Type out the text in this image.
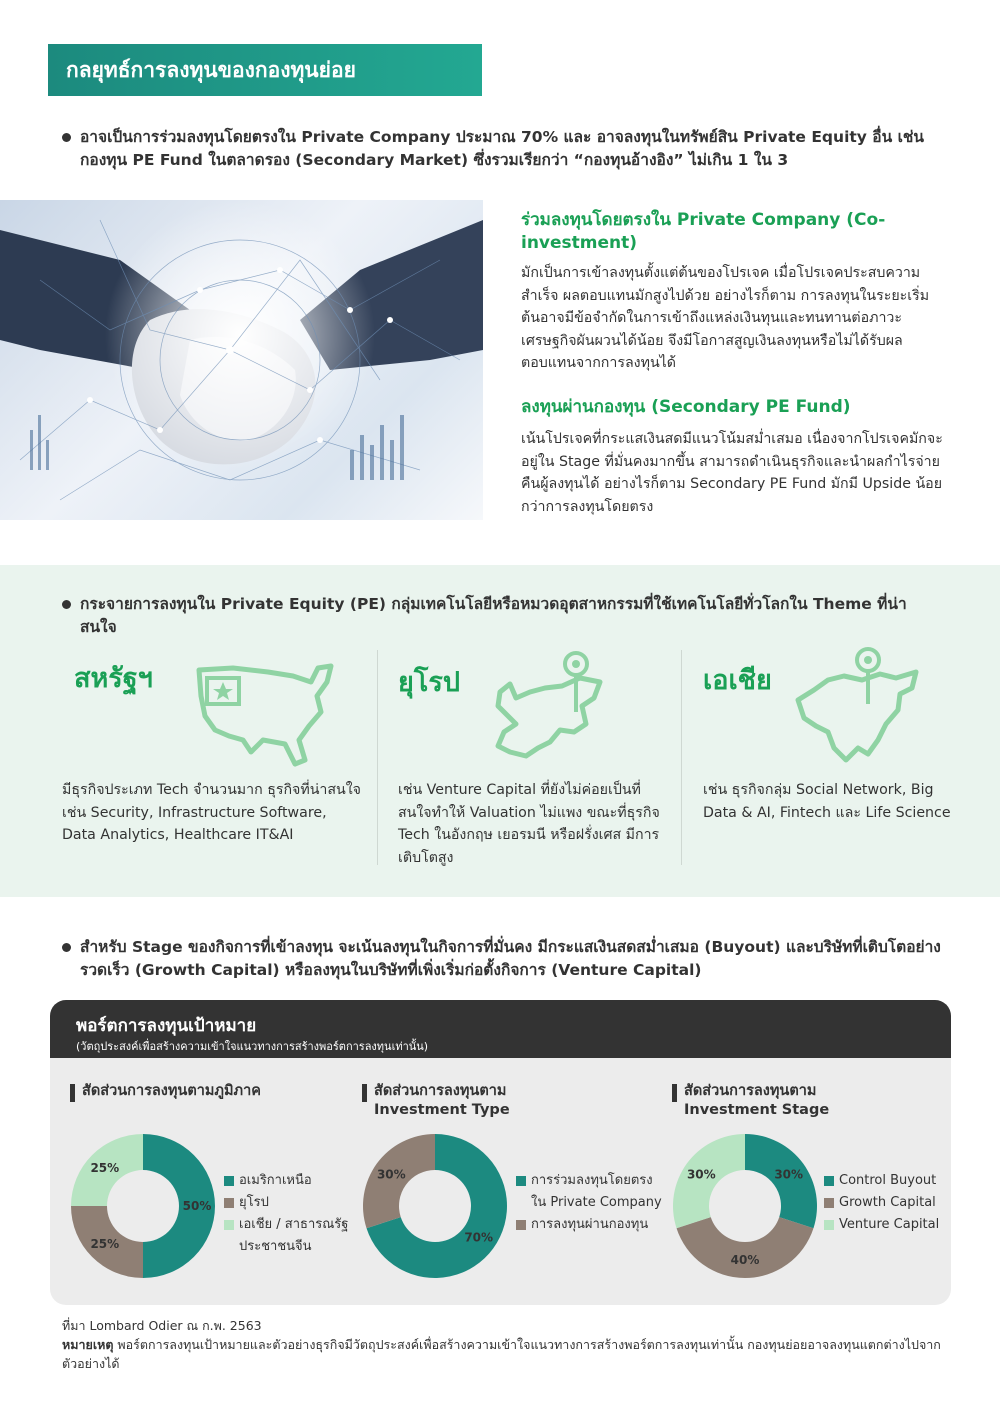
กลยุทธ์การลงทุนของกองทุนย่อย
อาจเป็นการร่วมลงทุนโดยตรงใน Private Company ประมาณ 70% และ อาจลงทุนในทรัพย์สิน Private Equity อื่น เช่น กองทุน PE Fund ในตลาดรอง (Secondary Market) ซึ่งรวมเรียกว่า “กองทุนอ้างอิง” ไม่เกิน 1 ใน 3
ร่วมลงทุนโดยตรงใน Private Company (Co-investment)

มักเป็นการเข้าลงทุนตั้งแต่ต้นของโปรเจค เมื่อโปรเจคประสบความสำเร็จ ผลตอบแทนมักสูงไปด้วย อย่างไรก็ตาม การลงทุนในระยะเริ่มต้นอาจมีข้อจำกัดในการเข้าถึงแหล่งเงินทุนและทนทานต่อภาวะเศรษฐกิจผันผวนได้น้อย จึงมีโอกาสสูญเงินลงทุนหรือไม่ได้รับผลตอบแทนจากการลงทุนได้

ลงทุนผ่านกองทุน (Secondary PE Fund)

เน้นโปรเจคที่กระแสเงินสดมีแนวโน้มสม่ำเสมอ เนื่องจากโปรเจคมักจะอยู่ใน Stage ที่มั่นคงมากขึ้น สามารถดำเนินธุรกิจและนำผลกำไรจ่ายคืนผู้ลงทุนได้ อย่างไรก็ตาม Secondary PE Fund มักมี Upside น้อยกว่าการลงทุนโดยตรง

กระจายการลงทุนใน Private Equity (PE) กลุ่มเทคโนโลยีหรือหมวดอุตสาหกรรมที่ใช้เทคโนโลยีทั่วโลกใน Theme ที่น่าสนใจ
สหรัฐฯ

มีธุรกิจประเภท Tech จำนวนมาก ธุรกิจที่น่าสนใจ เช่น Security, Infrastructure Software, Data Analytics, Healthcare IT&AI

ยุโรป

เช่น Venture Capital ที่ยังไม่ค่อยเป็นที่สนใจทำให้ Valuation ไม่แพง ขณะที่ธุรกิจ Tech ในอังกฤษ เยอรมนี หรือฝรั่งเศส มีการเติบโตสูง

เอเชีย

เช่น ธุรกิจกลุ่ม Social Network, Big Data & AI, Fintech และ Life Science

สำหรับ Stage ของกิจการที่เข้าลงทุน จะเน้นลงทุนในกิจการที่มั่นคง มีกระแสเงินสดสม่ำเสมอ (Buyout) และบริษัทที่เติบโตอย่างรวดเร็ว (Growth Capital) หรือลงทุนในบริษัทที่เพิ่งเริ่มก่อตั้งกิจการ (Venture Capital)
พอร์ตการลงทุนเป้าหมาย
(วัตถุประสงค์เพื่อสร้างความเข้าใจแนวทางการสร้างพอร์ตการลงทุนเท่านั้น)
สัดส่วนการลงทุนตามภูมิภาค
50%
25%
25%
อเมริกาเหนือ
ยุโรป
เอเชีย / สาธารณรัฐประชาชนจีน
สัดส่วนการลงทุนตาม
Investment Type
70%
30%	การร่วมลงทุนโดยตรงใน Private Company
การลงทุนผ่านกองทุน
สัดส่วนการลงทุนตาม
Investment Stage
30%
40%
30%	Control Buyout
Growth Capital
Venture Capital
ที่มา Lombard Odier ณ ก.พ. 2563
หมายเหตุ พอร์ตการลงทุนเป้าหมายและตัวอย่างธุรกิจมีวัตถุประสงค์เพื่อสร้างความเข้าใจแนวทางการสร้างพอร์ตการลงทุนเท่านั้น กองทุนย่อยอาจลงทุนแตกต่างไปจากตัวอย่างได้
